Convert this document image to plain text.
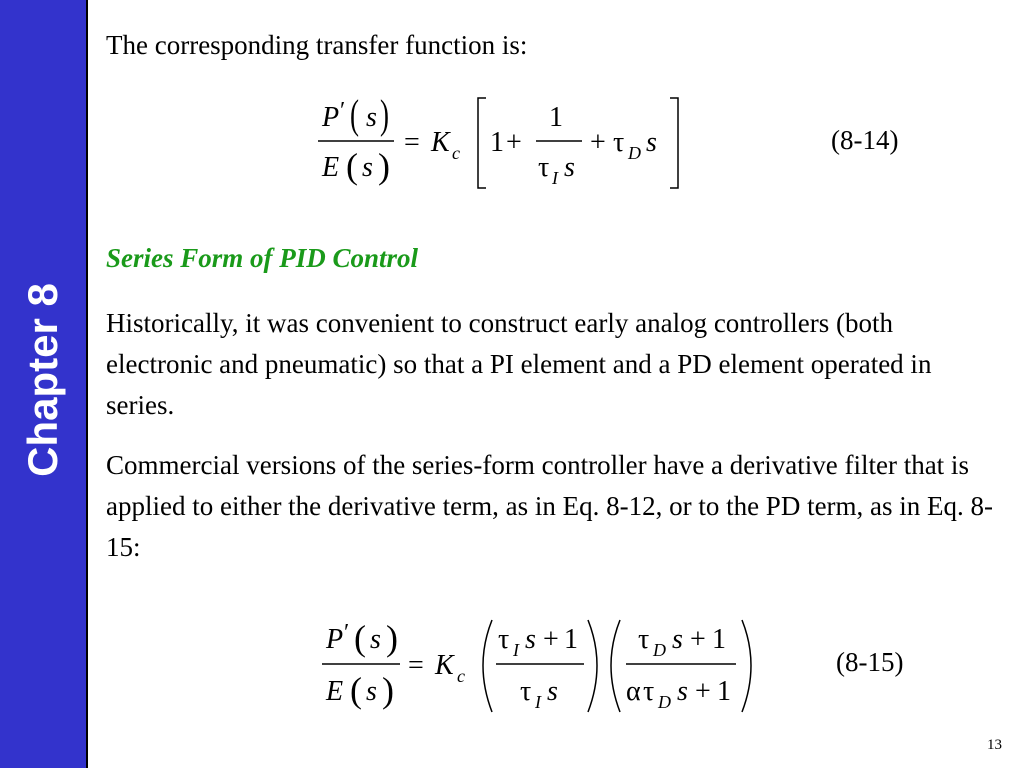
Chapter 8
The corresponding transfer function is:
P ′ ( s )
E ( s )
= K c 1 +
1
τ I s
+ τ D s	(8-14)
Series Form of PID Control
Historically, it was convenient to construct early analog controllers (both electronic and pneumatic) so that a PI element and a PD element operated in series.
Commercial versions of the series-form controller have a derivative filter that is applied to either the derivative term, as in Eq. 8-12, or to the PD term, as in Eq. 8-15:
P ′ ( s )
E ( s )
= K c
τ I s + 1
τ I s
τ D s + 1
α τ D s + 1
(8-15)
13
